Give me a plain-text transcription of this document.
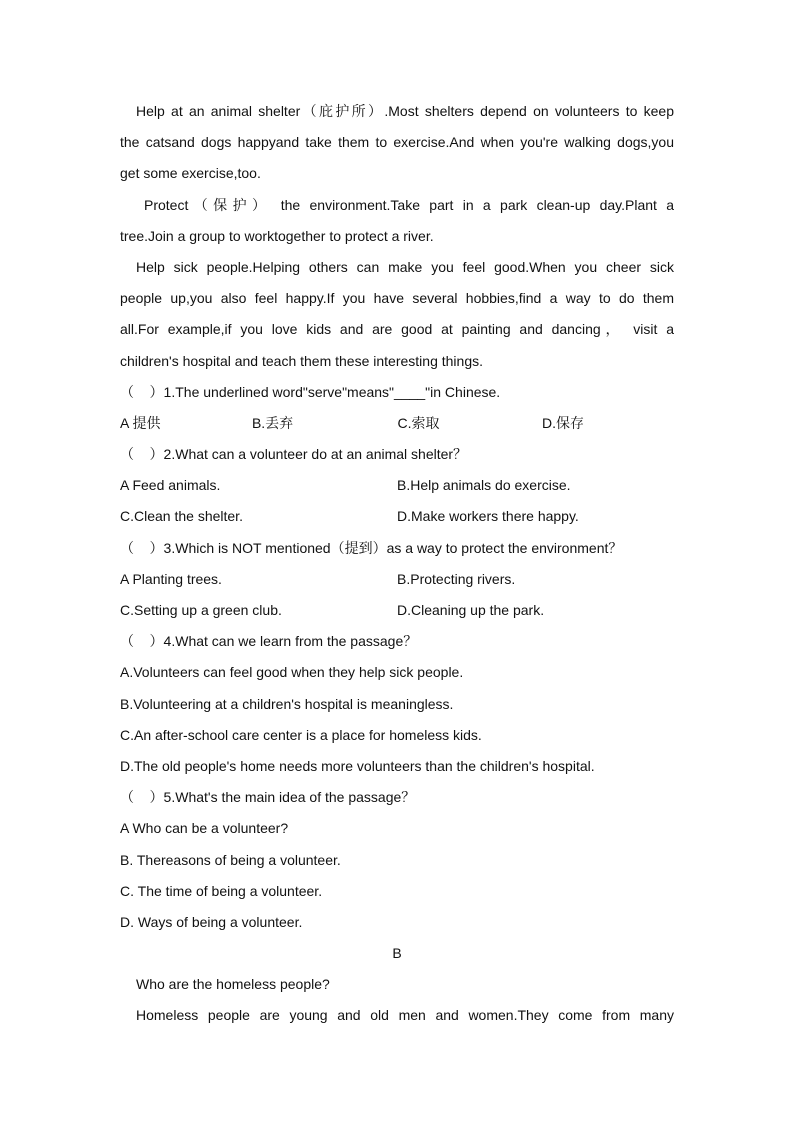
Help at an animal shelter（庇护所）.Most shelters depend on volunteers to keep
the catsand dogs happyand take them to exercise.And when you're walking dogs,you
get some exercise,too.
Protect（保护） the environment.Take part in a park clean-up day.Plant a
tree.Join a group to worktogether to protect a river.
Help sick people.Helping others can make you feel good.When you cheer sick
people up,you also feel happy.If you have several hobbies,find a way to do them
all.For example,if you love kids and are good at painting and dancing， visit a
children's hospital and teach them these interesting things.
（    ）1.The underlined word"serve"means"____"in Chinese.
A 提供	B.丢弃	C.索取	D.保存
（    ）2.What can a volunteer do at an animal shelter？
A Feed animals.	B.Help animals do exercise.
C.Clean the shelter.	D.Make workers there happy.
（    ）3.Which is NOT mentioned（提到）as a way to protect the environment？
A Planting trees.	B.Protecting rivers.
C.Setting up a green club.	D.Cleaning up the park.
（    ）4.What can we learn from the passage？
A.Volunteers can feel good when they help sick people.
B.Volunteering at a children's hospital is meaningless.
C.An after-school care center is a place for homeless kids.
D.The old people's home needs more volunteers than the children's hospital.
（    ）5.What's the main idea of the passage？
A Who can be a volunteer?
B. Thereasons of being a volunteer.
C. The time of being a volunteer.
D. Ways of being a volunteer.
B
Who are the homeless people?
Homeless people are young and old men and women.They come from many
